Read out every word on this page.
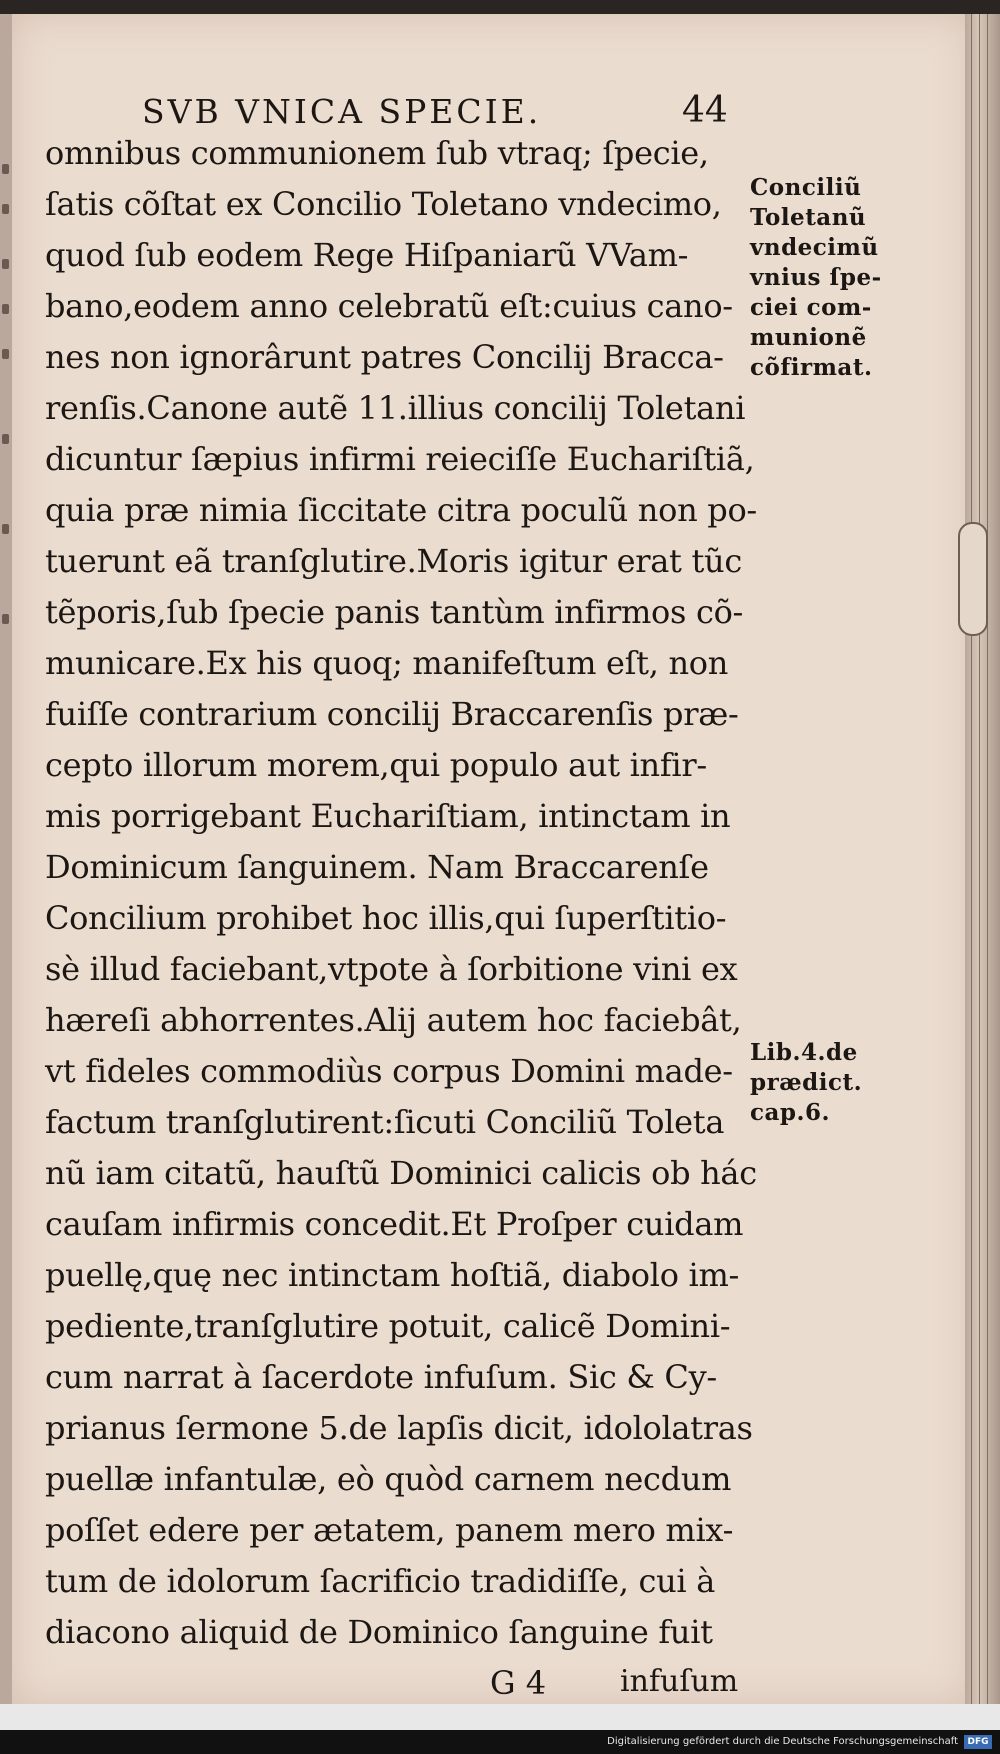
SVB VNICA SPECIE.	44
omnibus communionem ſub vtraq; ſpecie,
ſatis cõſtat ex Concilio Toletano vndecimo,
quod ſub eodem Rege Hiſpaniarũ VVam-
bano,eodem anno celebratũ eſt:cuius cano-
nes non ignorârunt patres Concilij Bracca-
renſis.Canone autẽ 11.illius concilij Toletani
dicuntur ſæpius infirmi reieciſſe Euchariſtiã,
quia præ nimia ſiccitate citra poculũ non po-
tuerunt eã tranſglutire.Moris igitur erat tũc
tẽporis,ſub ſpecie panis tantùm infirmos cõ-
municare.Ex his quoq; manifeſtum eſt, non
fuiſſe contrarium concilij Braccarenſis præ-
cepto illorum morem,qui populo aut infir-
mis porrigebant Euchariſtiam, intinctam in
Dominicum ſanguinem. Nam Braccarenſe
Concilium prohibet hoc illis,qui ſuperſtitio-
sè illud faciebant,vtpote à ſorbitione vini ex
hæreſi abhorrentes.Alij autem hoc faciebât,
vt fideles commodiùs corpus Domini made-
factum tranſglutirent:ſicuti Conciliũ Toleta
nũ iam citatũ, hauſtũ Dominici calicis ob hác
cauſam infirmis concedit.Et Proſper cuidam
puellę,quę nec intinctam hoſtiã, diabolo im-
pediente,tranſglutire potuit, calicẽ Domini-
cum narrat à ſacerdote infuſum. Sic & Cy-
prianus ſermone 5.de lapſis dicit, idololatras
puellæ infantulæ, eò quòd carnem necdum
poſſet edere per ætatem, panem mero mix-
tum de idolorum ſacrificio tradidiſſe, cui à
diacono aliquid de Dominico ſanguine fuit
G 4 infuſum
Conciliũ
Toletanũ
vndecimũ
vnius ſpe-
ciei com-
munionẽ
cõfirmat.
Lib.4.de
prædict.
cap.6.
Digitalisierung gefördert durch die Deutsche Forschungsgemeinschaft	DFG
